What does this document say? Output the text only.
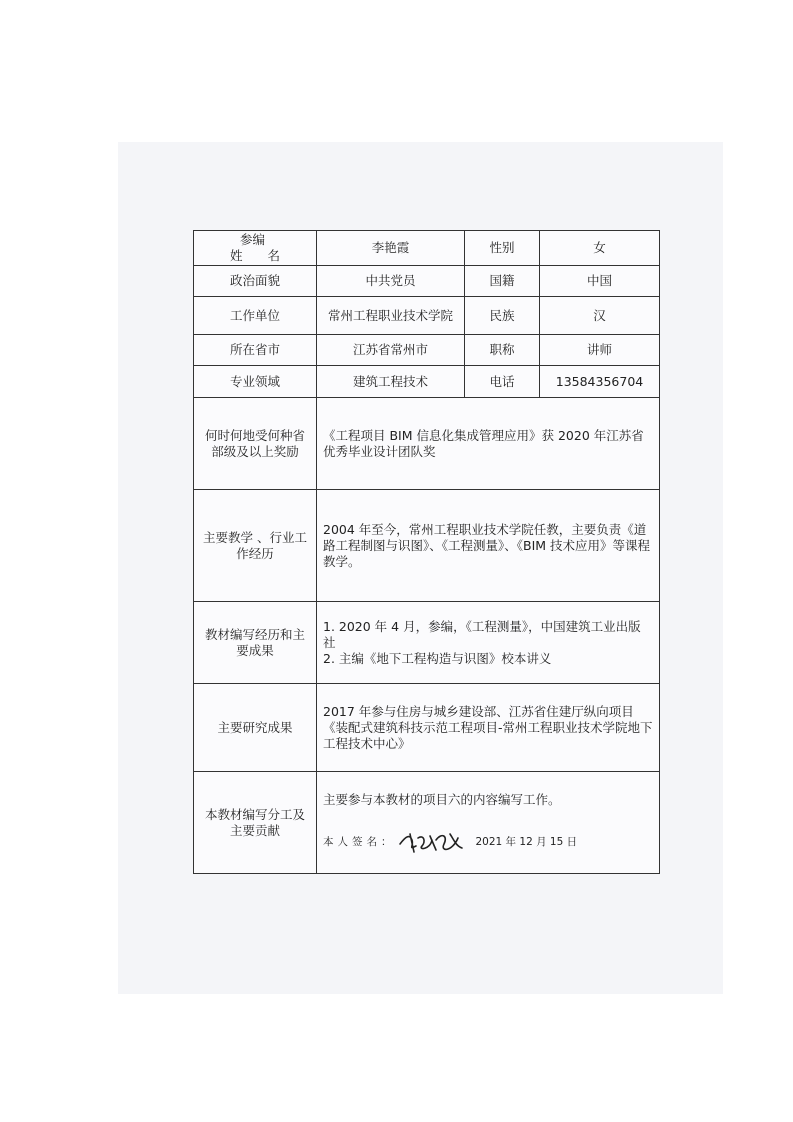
参编
姓　　名	李艳霞	性别	女
政治面貌	中共党员	国籍	中国
工作单位	常州工程职业技术学院	民族	汉
所在省市	江苏省常州市	职称	讲师
专业领域	建筑工程技术	电话	13584356704
何时何地受何种省部级及以上奖励	《工程项目 BIM 信息化集成管理应用》获 2020 年江苏省优秀毕业设计团队奖		
主要教学 、行业工作经历	2004 年至今，常州工程职业技术学院任教，主要负责《道路工程制图与识图》、《工程测量》、《BIM 技术应用》等课程教学。		
教材编写经历和主要成果	1. 2020 年 4 月，参编，《工程测量》，中国建筑工业出版社
2. 主编《地下工程构造与识图》校本讲义		

主要研究成果	2017 年参与住房与城乡建设部、江苏省住建厅纵向项目《装配式建筑科技示范工程项目-常州工程职业技术学院地下工程技术中心》		
本教材编写分工及主要贡献	主要参与本教材的项目六的内容编写工作。
本人签名： 2021 年 12 月 15 日		
